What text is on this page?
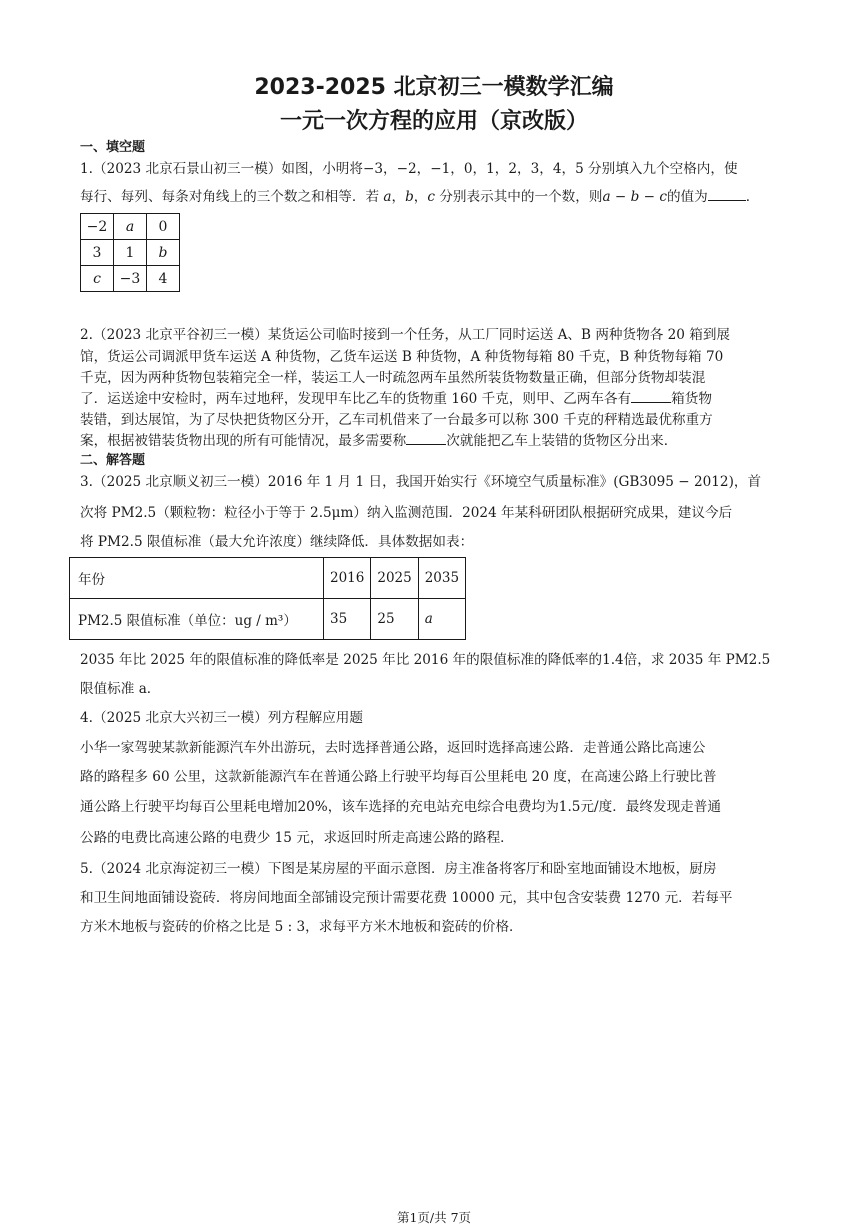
2023-2025 北京初三一模数学汇编
一元一次方程的应用（京改版）
一、填空题
1.（2023 北京石景山初三一模）如图，小明将−3，−2，−1，0，1，2，3，4，5 分别填入九个空格内，使
每行、每列、每条对角线上的三个数之和相等．若 a，b，c 分别表示其中的一个数，则a − b − c的值为	．
−2	a	0
3	1	b
c	−3	4
2.（2023 北京平谷初三一模）某货运公司临时接到一个任务，从工厂同时运送 A、B 两种货物各 20 箱到展
馆，货运公司调派甲货车运送 A 种货物，乙货车运送 B 种货物，A 种货物每箱 80 千克，B 种货物每箱 70
千克，因为两种货物包装箱完全一样，装运工人一时疏忽两车虽然所装货物数量正确，但部分货物却装混
了．运送途中安检时，两车过地秤，发现甲车比乙车的货物重 160 千克，则甲、乙两车各有	箱货物
装错，到达展馆，为了尽快把货物区分开，乙车司机借来了一台最多可以称 300 千克的秤精选最优称重方
案，根据被错装货物出现的所有可能情况，最多需要称	次就能把乙车上装错的货物区分出来．
二、解答题
3.（2025 北京顺义初三一模）2016 年 1 月 1 日，我国开始实行《环境空气质量标准》(GB3095 − 2012)，首
次将 PM2.5（颗粒物：粒径小于等于 2.5μm）纳入监测范围．2024 年某科研团队根据研究成果，建议今后
将 PM2.5 限值标准（最大允许浓度）继续降低．具体数据如表：
年份	2016	2025	2035
PM2.5 限值标准（单位：ug / m³）	35	25	a
2035 年比 2025 年的限值标准的降低率是 2025 年比 2016 年的限值标准的降低率的1.4倍，求 2035 年 PM2.5
限值标准 a．
4.（2025 北京大兴初三一模）列方程解应用题
小华一家驾驶某款新能源汽车外出游玩，去时选择普通公路，返回时选择高速公路．走普通公路比高速公
路的路程多 60 公里，这款新能源汽车在普通公路上行驶平均每百公里耗电 20 度，在高速公路上行驶比普
通公路上行驶平均每百公里耗电增加20%，该车选择的充电站充电综合电费均为1.5元/度．最终发现走普通
公路的电费比高速公路的电费少 15 元，求返回时所走高速公路的路程．
5.（2024 北京海淀初三一模）下图是某房屋的平面示意图．房主准备将客厅和卧室地面铺设木地板，厨房
和卫生间地面铺设瓷砖．将房间地面全部铺设完预计需要花费 10000 元，其中包含安装费 1270 元．若每平
方米木地板与瓷砖的价格之比是 5 : 3，求每平方米木地板和瓷砖的价格．
第1页/共 7页
